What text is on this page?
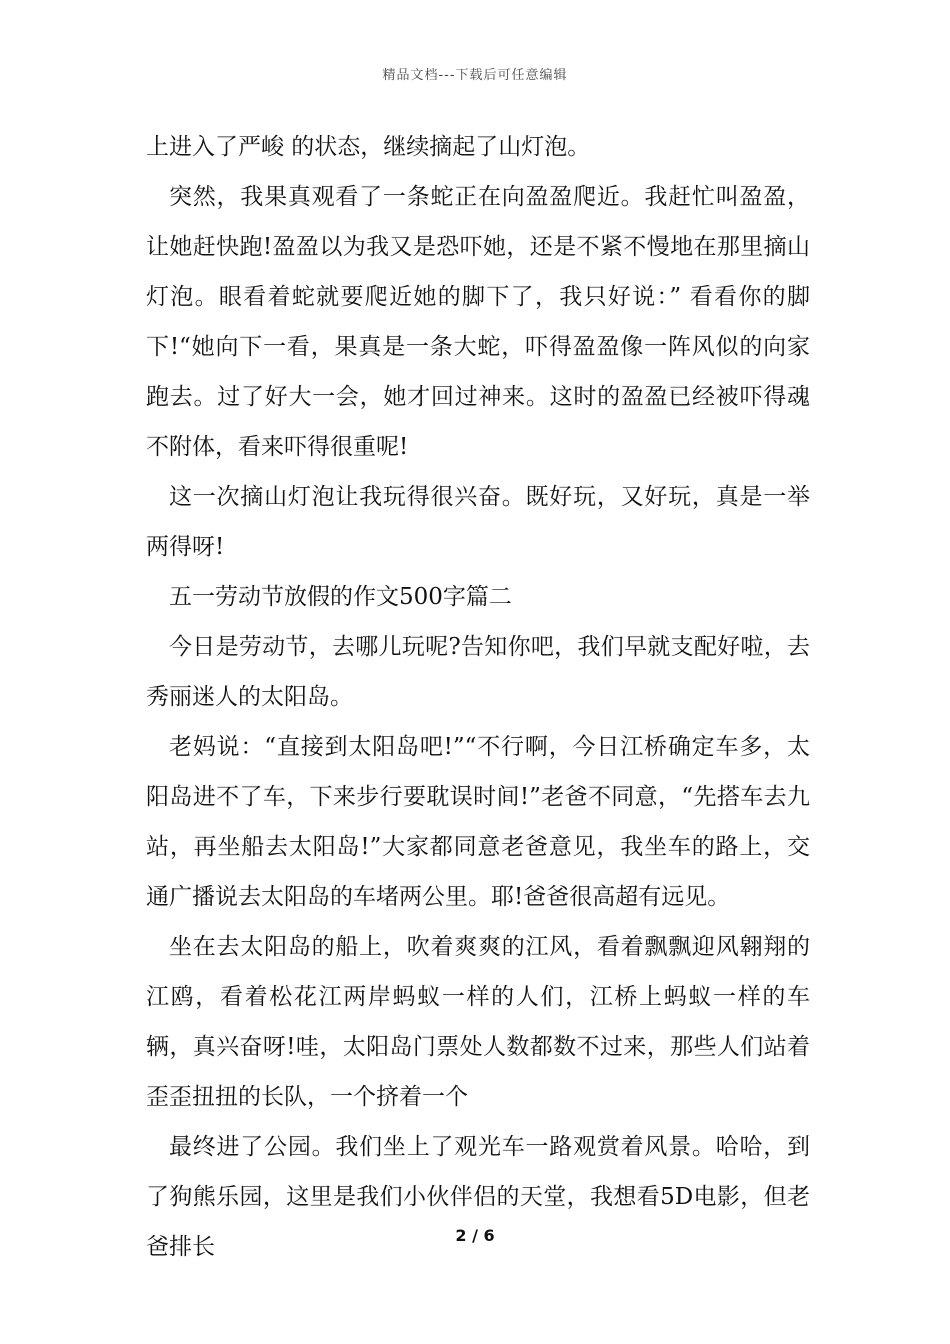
精品文档---下载后可任意编辑

上进入了严峻 的状态，继续摘起了山灯泡。

突然，我果真观看了一条蛇正在向盈盈爬近。我赶忙叫盈盈，让她赶快跑!盈盈以为我又是恐吓她，还是不紧不慢地在那里摘山灯泡。眼看着蛇就要爬近她的脚下了，我只好说：” 看看你的脚下!“她向下一看，果真是一条大蛇，吓得盈盈像一阵风似的向家跑去。过了好大一会，她才回过神来。这时的盈盈已经被吓得魂不附体，看来吓得很重呢!

这一次摘山灯泡让我玩得很兴奋。既好玩，又好玩，真是一举两得呀!

五一劳动节放假的作文500字篇二

今日是劳动节，去哪儿玩呢?告知你吧，我们早就支配好啦，去秀丽迷人的太阳岛。

老妈说：“直接到太阳岛吧!”“不行啊，今日江桥确定车多，太阳岛进不了车，下来步行要耽误时间!”老爸不同意，“先搭车去九站，再坐船去太阳岛!”大家都同意老爸意见，我坐车的路上，交通广播说去太阳岛的车堵两公里。耶!爸爸很高超有远见。

坐在去太阳岛的船上，吹着爽爽的江风，看着飘飘迎风翱翔的江鸥，看着松花江两岸蚂蚁一样的人们，江桥上蚂蚁一样的车辆，真兴奋呀!哇，太阳岛门票处人数都数不过来，那些人们站着歪歪扭扭的长队，一个挤着一个

最终进了公园。我们坐上了观光车一路观赏着风景。哈哈，到了狗熊乐园，这里是我们小伙伴侣的天堂，我想看5D电影，但老爸排长	2 / 6
